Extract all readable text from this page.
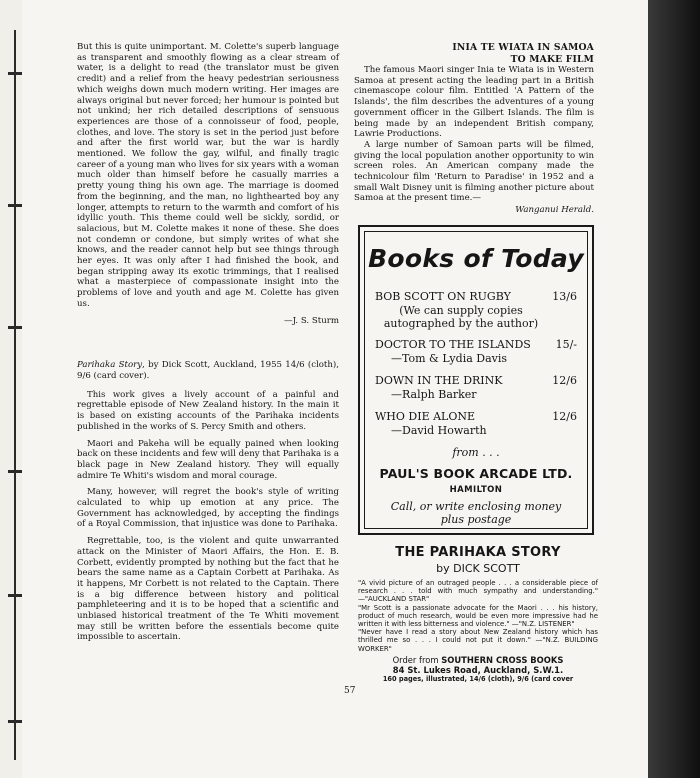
But this is quite unimportant. M. Colette's superb language as transparent and smoothly flowing as a clear stream of water, is a delight to read (the translator must be given credit) and a relief from the heavy pedestrian seriousness which weighs down much modern writing. Her images are always original but never forced; her humour is pointed but not unkind; her rich detailed descriptions of sensuous experiences are those of a connoisseur of food, people, clothes, and love. The story is set in the period just before and after the first world war, but the war is hardly mentioned. We follow the gay, wilful, and finally tragic career of a young man who lives for six years with a woman much older than himself before he casually marries a pretty young thing his own age. The marriage is doomed from the beginning, and the man, no lighthearted boy any longer, attempts to return to the warmth and comfort of his idyllic youth. This theme could well be sickly, sordid, or salacious, but M. Colette makes it none of these. She does not condemn or condone, but simply writes of what she knows, and the reader cannot help but see things through her eyes. It was only after I had finished the book, and began stripping away its exotic trimmings, that I realised what a masterpiece of compassionate insight into the problems of love and youth and age M. Colette has given us.

—J. S. Sturm
Parihaka Story, by Dick Scott, Auckland, 1955 14/6 (cloth), 9/6 (card cover).

This work gives a lively account of a painful and regrettable episode of New Zealand history. In the main it is based on existing accounts of the Parihaka incidents published in the works of S. Percy Smith and others.

Maori and Pakeha will be equally pained when looking back on these incidents and few will deny that Parihaka is a black page in New Zealand history. They will equally admire Te Whiti's wisdom and moral courage.

Many, however, will regret the book's style of writing calculated to whip up emotion at any price. The Government has acknowledged, by accepting the findings of a Royal Commission, that injustice was done to Parihaka.

Regrettable, too, is the violent and quite unwarranted attack on the Minister of Maori Affairs, the Hon. E. B. Corbett, evidently prompted by nothing but the fact that he bears the same name as a Captain Corbett at Parihaka. As it happens, Mr Corbett is not related to the Captain. There is a big difference between history and political pamphleteering and it is to be hoped that a scientific and unbiased historical treatment of the Te Whiti movement may still be written before the essentials become quite impossible to ascertain.

INIA TE WIATA IN SAMOA
TO MAKE FILM

The famous Maori singer Inia te Wiata is in Western Samoa at present acting the leading part in a British cinemascope colour film. Entitled 'A Pattern of the Islands', the film describes the adventures of a young government officer in the Gilbert Islands. The film is being made by an independent British company, Lawrie Productions.

A large number of Samoan parts will be filmed, giving the local population another opportunity to win screen roles. An American company made the technicolour film 'Return to Paradise' in 1952 and a small Walt Disney unit is filming another picture about Samoa at the present time.—

Wanganui Herald.
Books of Today
BOB SCOTT ON RUGBY	13/6
(We can supply copies
autographed by the author)
DOCTOR TO THE ISLANDS 15/-
—Tom & Lydia Davis
DOWN IN THE DRINK	12/6
—Ralph Barker
WHO DIE ALONE	12/6
—David Howarth
from . . .
PAUL'S BOOK ARCADE LTD.
HAMILTON
Call, or write enclosing money
plus postage
THE PARIHAKA STORY
by DICK SCOTT
"A vivid picture of an outraged people . . . a considerable piece of research . . . told with much sympathy and understanding." —"AUCKLAND STAR"
"Mr Scott is a passionate advocate for the Maori . . . his history, product of much research, would be even more impressive had he written it with less bitterness and violence." —"N.Z. LISTENER"
"Never have I read a story about New Zealand history which has thrilled me so . . . I could not put it down." —"N.Z. BUILDING WORKER"
Order from SOUTHERN CROSS BOOKS
84 St. Lukes Road, Auckland, S.W.1.
160 pages, illustrated, 14/6 (cloth), 9/6 (card cover
57
